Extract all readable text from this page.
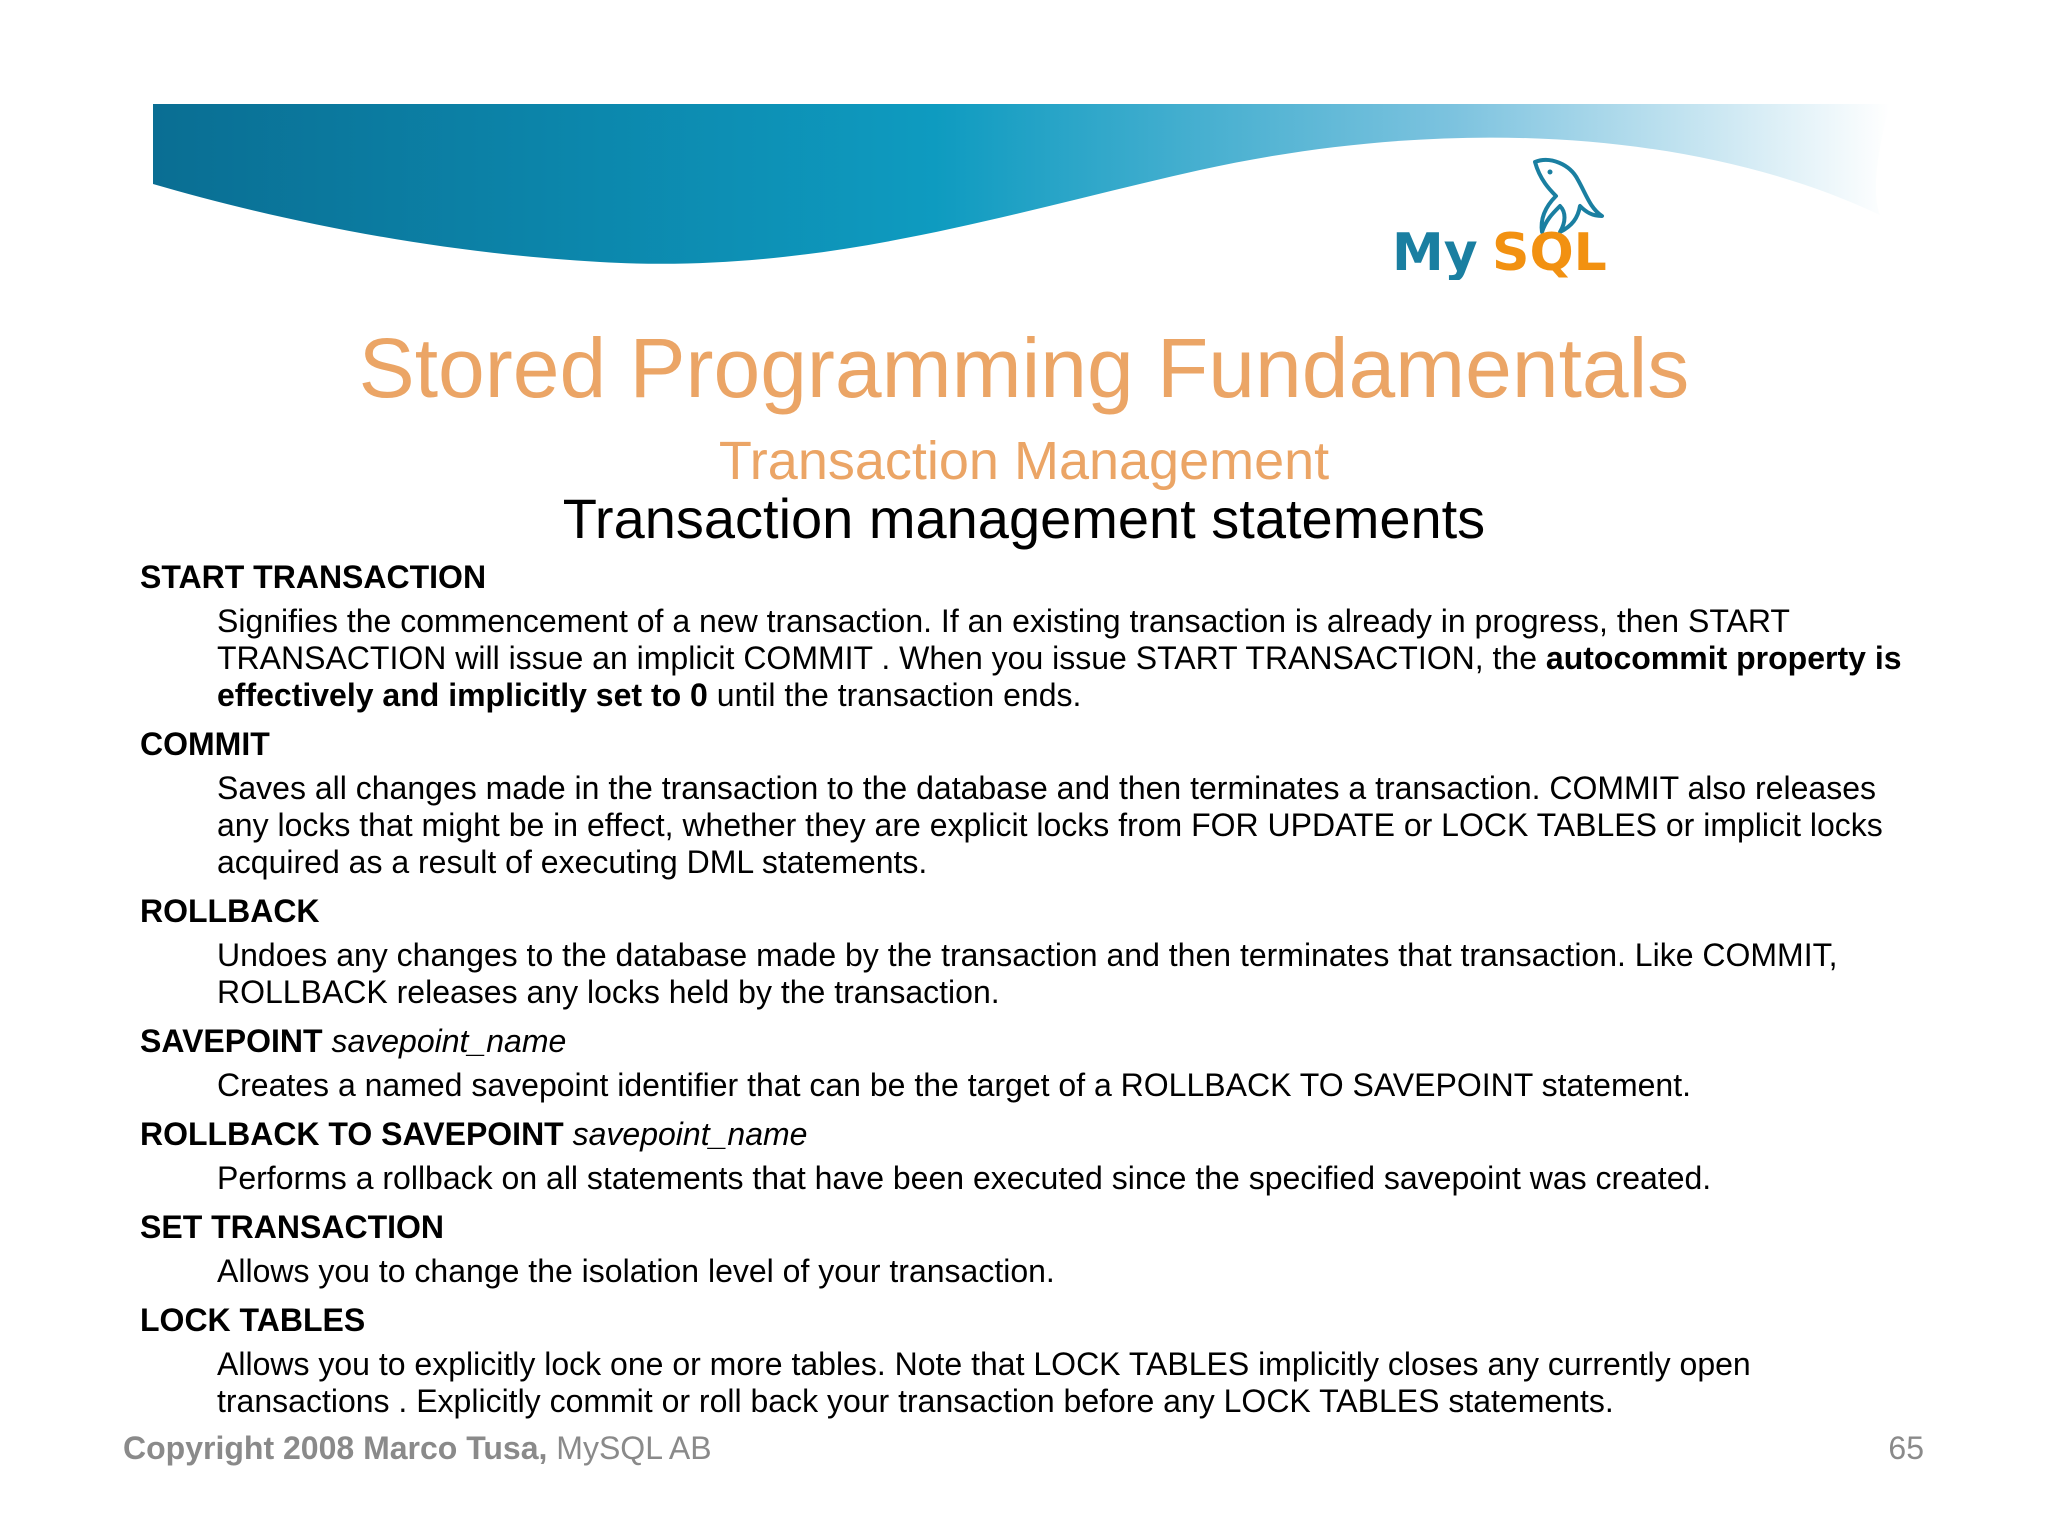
My SQL
Stored Programming Fundamentals
Transaction Management
Transaction management statements
START TRANSACTION
Signifies the commencement of a new transaction. If an existing transaction is already in progress, then START TRANSACTION will issue an implicit COMMIT . When you issue START TRANSACTION, the autocommit property is effectively and implicitly set to 0 until the transaction ends.
COMMIT
Saves all changes made in the transaction to the database and then terminates a transaction. COMMIT also releases any locks that might be in effect, whether they are explicit locks from FOR UPDATE or LOCK TABLES or implicit locks acquired as a result of executing DML statements.
ROLLBACK
Undoes any changes to the database made by the transaction and then terminates that transaction. Like COMMIT, ROLLBACK releases any locks held by the transaction.
SAVEPOINT savepoint_name
Creates a named savepoint identifier that can be the target of a ROLLBACK TO SAVEPOINT statement.
ROLLBACK TO SAVEPOINT savepoint_name
Performs a rollback on all statements that have been executed since the specified savepoint was created.
SET TRANSACTION
Allows you to change the isolation level of your transaction.
LOCK TABLES
Allows you to explicitly lock one or more tables. Note that LOCK TABLES implicitly closes any currently open transactions . Explicitly commit or roll back your transaction before any LOCK TABLES statements.
Copyright 2008 Marco Tusa, MySQL AB	65
